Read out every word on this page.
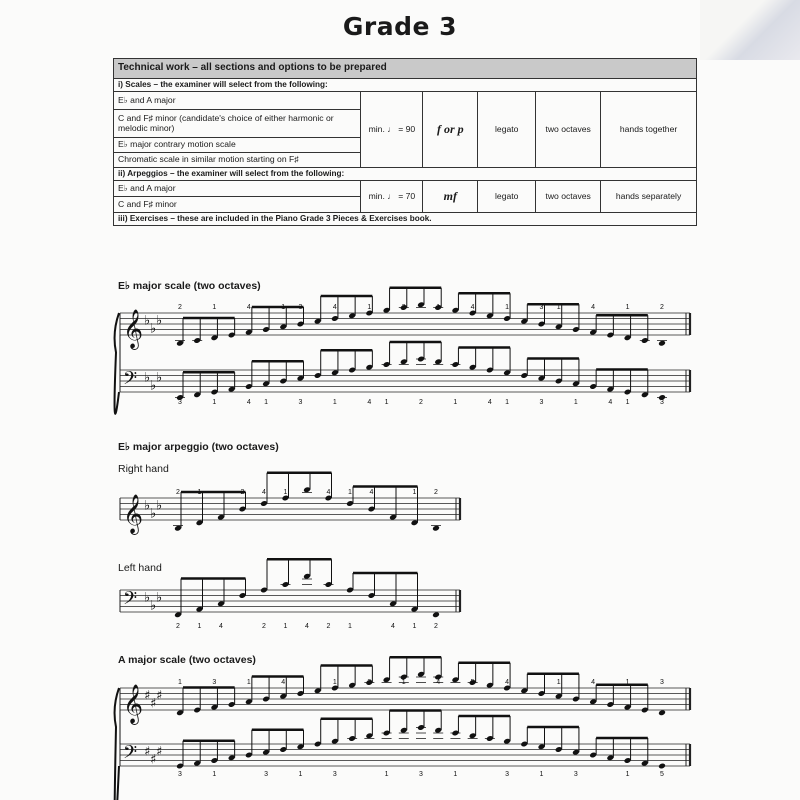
Grade 3
Technical work – all sections and options to be prepared					
i) Scales – the examiner will select from the following:					
E♭ and A major	min. ♩ = 90	f or p	legato	two octaves	hands together
C and F♯ minor (candidate's choice of either harmonic or melodic minor)					
E♭ major contrary motion scale					
Chromatic scale in similar motion starting on F♯					
ii) Arpeggios – the examiner will select from the following:					
E♭ and A major	min. ♩ = 70	mf	legato	two octaves	hands separately
C and F♯ minor					
iii) Exercises – these are included in the Piano Grade 3 Pieces & Exercises book.					
E♭ major scale (two octaves)
E♭ major arpeggio (two octaves)
Right hand
Left hand
A major scale (two octaves)
𝄞 ♭
♭
♭
𝄢 ♭
♭
♭
2	1	4	1 3	4	1	3	1	4	1	3 1	4	1	2
3	1	4 1	3	1	4 1	2	1	4 1	3	1	4 1	3
𝄞 ♭
♭
♭
2	1	2	4	1	4	1	4	1	2
𝄢 ♭
♭
♭
2	1	4	2	1	4	2	1	4	1	2
𝄞 ♯
♯
♯
𝄢 ♯
♯
♯
1	3	1	4	1	3	1	4	5	4	1	4	1	3
3	1	3	1	3	1	3	1	3	1	3	1	5
